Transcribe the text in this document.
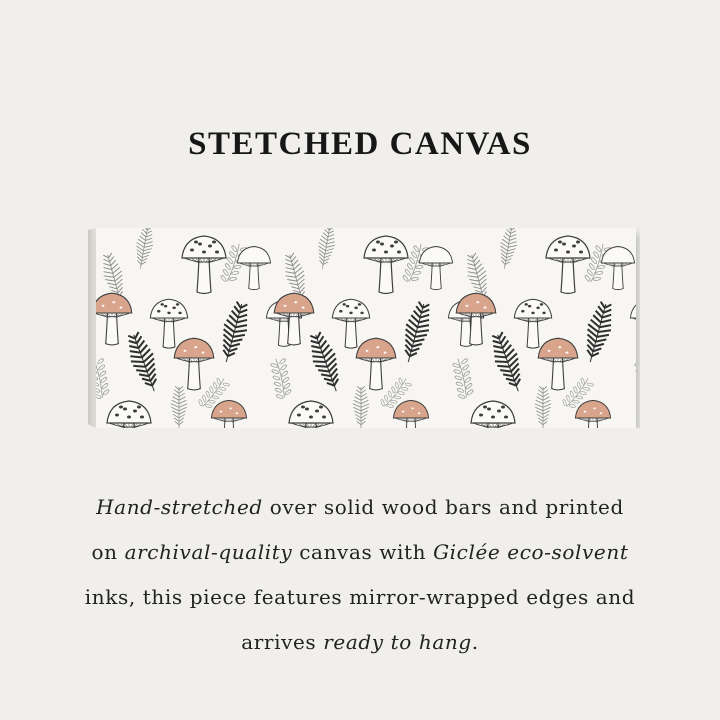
STETCHED CANVAS
Hand-stretched over solid wood bars and printed
on archival-quality canvas with Giclée eco-solvent
inks, this piece features mirror-wrapped edges and
arrives ready to hang.
